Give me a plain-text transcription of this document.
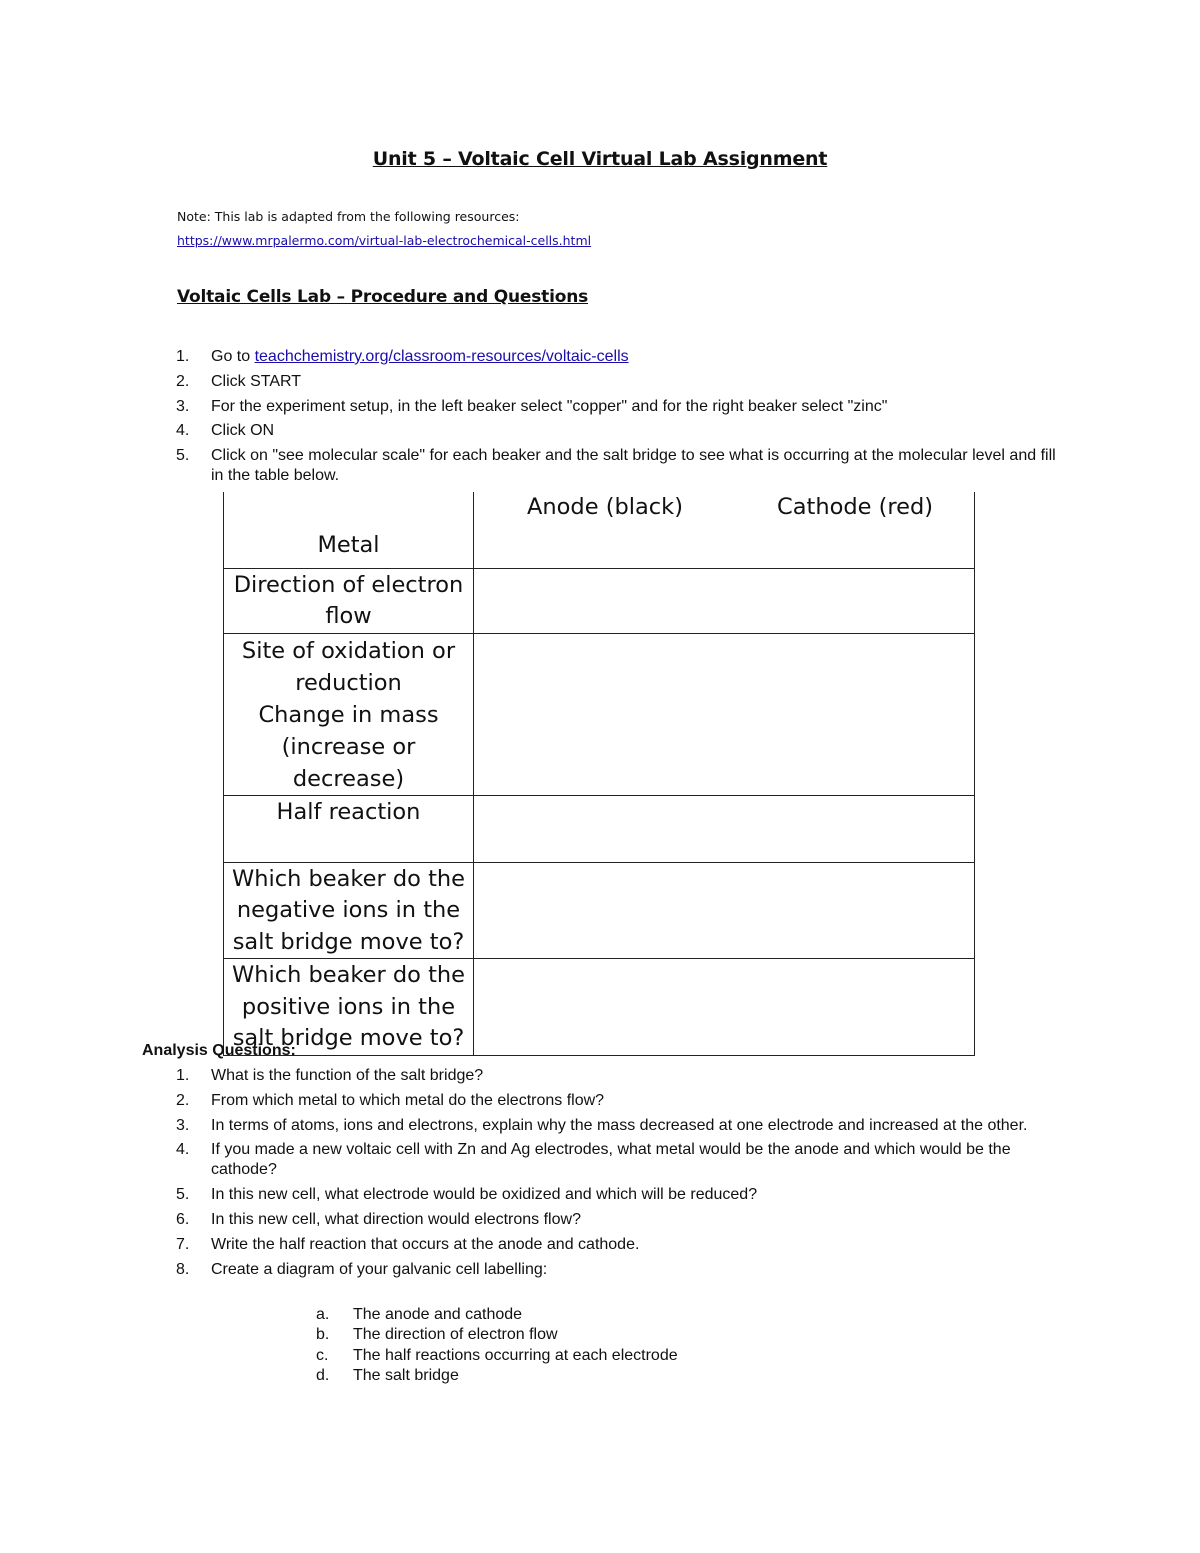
Unit 5 – Voltaic Cell Virtual Lab Assignment
Note: This lab is adapted from the following resources:
https://www.mrpalermo.com/virtual-lab-electrochemical-cells.html
Voltaic Cells Lab – Procedure and Questions
1.	Go to teachchemistry.org/classroom-resources/voltaic-cells
2.	Click START
3.	For the experiment setup, in the left beaker select "copper" and for the right beaker select "zinc"
4.	Click ON
5.	Click on "see molecular scale" for each beaker and the salt bridge to see what is occurring at the molecular level and fill in the table below.
Metal	Anode (black) Cathode (red)

Direction of electron
flow	

Site of oxidation or
reduction
Change in mass
(increase or decrease)	

Half reaction	

Which beaker do the
negative ions in the
salt bridge move to?	

Which beaker do the
positive ions in the
salt bridge move to?	

Analysis Questions:
1.	What is the function of the salt bridge?
2.	From which metal to which metal do the electrons flow?
3.	In terms of atoms, ions and electrons, explain why the mass decreased at one electrode and increased at the other.
4.	If you made a new voltaic cell with Zn and Ag electrodes, what metal would be the anode and which would be the cathode?
5.	In this new cell, what electrode would be oxidized and which will be reduced?
6.	In this new cell, what direction would electrons flow?
7.	Write the half reaction that occurs at the anode and cathode.
8.	Create a diagram of your galvanic cell labelling:
a. The anode and cathode
b. The direction of electron flow
c. The half reactions occurring at each electrode
d. The salt bridge
